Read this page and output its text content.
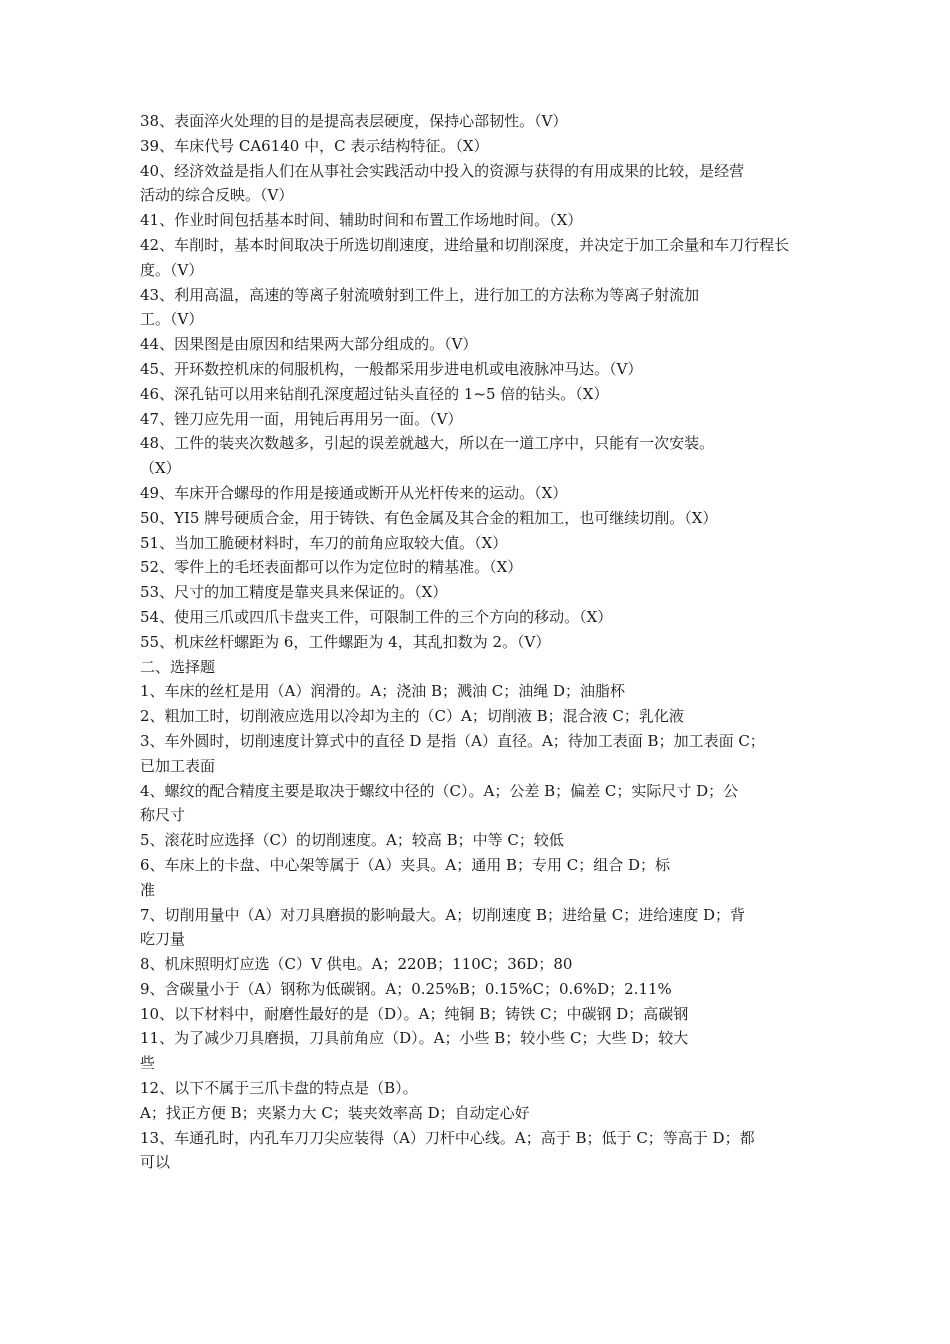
38、表面淬火处理的目的是提高表层硬度，保持心部韧性。（V）
39、车床代号 CA6140 中，C 表示结构特征。（X）
40、经济效益是指人们在从事社会实践活动中投入的资源与获得的有用成果的比较，是经营
活动的综合反映。（V）
41、作业时间包括基本时间、辅助时间和布置工作场地时间。（X）
42、车削时，基本时间取决于所选切削速度，进给量和切削深度，并决定于加工余量和车刀行程长
度。（V）
43、利用高温，高速的等离子射流喷射到工件上，进行加工的方法称为等离子射流加
工。（V）
44、因果图是由原因和结果两大部分组成的。（V）
45、开环数控机床的伺服机构，一般都采用步进电机或电液脉冲马达。（V）
46、深孔钻可以用来钻削孔深度超过钻头直径的 1~5 倍的钻头。（X）
47、锉刀应先用一面，用钝后再用另一面。（V）
48、工件的装夹次数越多，引起的误差就越大，所以在一道工序中，只能有一次安装。
（X）
49、车床开合螺母的作用是接通或断开从光杆传来的运动。（X）
50、YI5 牌号硬质合金，用于铸铁、有色金属及其合金的粗加工，也可继续切削。（X）
51、当加工脆硬材料时，车刀的前角应取较大值。（X）
52、零件上的毛坯表面都可以作为定位时的精基准。（X）
53、尺寸的加工精度是靠夹具来保证的。（X）
54、使用三爪或四爪卡盘夹工件，可限制工件的三个方向的移动。（X）
55、机床丝杆螺距为 6，工件螺距为 4，其乱扣数为 2。（V）
二、选择题
1、车床的丝杠是用（A）润滑的。A；浇油 B；溅油 C；油绳 D；油脂杯
2、粗加工时，切削液应选用以冷却为主的（C）A；切削液 B；混合液 C；乳化液
3、车外圆时，切削速度计算式中的直径 D 是指（A）直径。A；待加工表面 B；加工表面 C；
已加工表面
4、螺纹的配合精度主要是取决于螺纹中径的（C）。A；公差 B；偏差 C；实际尺寸 D；公
称尺寸
5、滚花时应选择（C）的切削速度。A；较高 B；中等 C；较低
6、车床上的卡盘、中心架等属于（A）夹具。A；通用 B；专用 C；组合 D；标
准
7、切削用量中（A）对刀具磨损的影响最大。A；切削速度 B；进给量 C；进给速度 D；背
吃刀量
8、机床照明灯应选（C）V 供电。A；220B；110C；36D；80
9、含碳量小于（A）钢称为低碳钢。A；0.25%B；0.15%C；0.6%D；2.11%
10、以下材料中，耐磨性最好的是（D）。A；纯铜 B；铸铁 C；中碳钢 D；高碳钢
11、为了减少刀具磨损，刀具前角应（D）。A；小些 B；较小些 C；大些 D；较大
些
12、以下不属于三爪卡盘的特点是（B）。
A；找正方便 B；夹紧力大 C；装夹效率高 D；自动定心好
13、车通孔时，内孔车刀刀尖应装得（A）刀杆中心线。A；高于 B；低于 C；等高于 D；都
可以
